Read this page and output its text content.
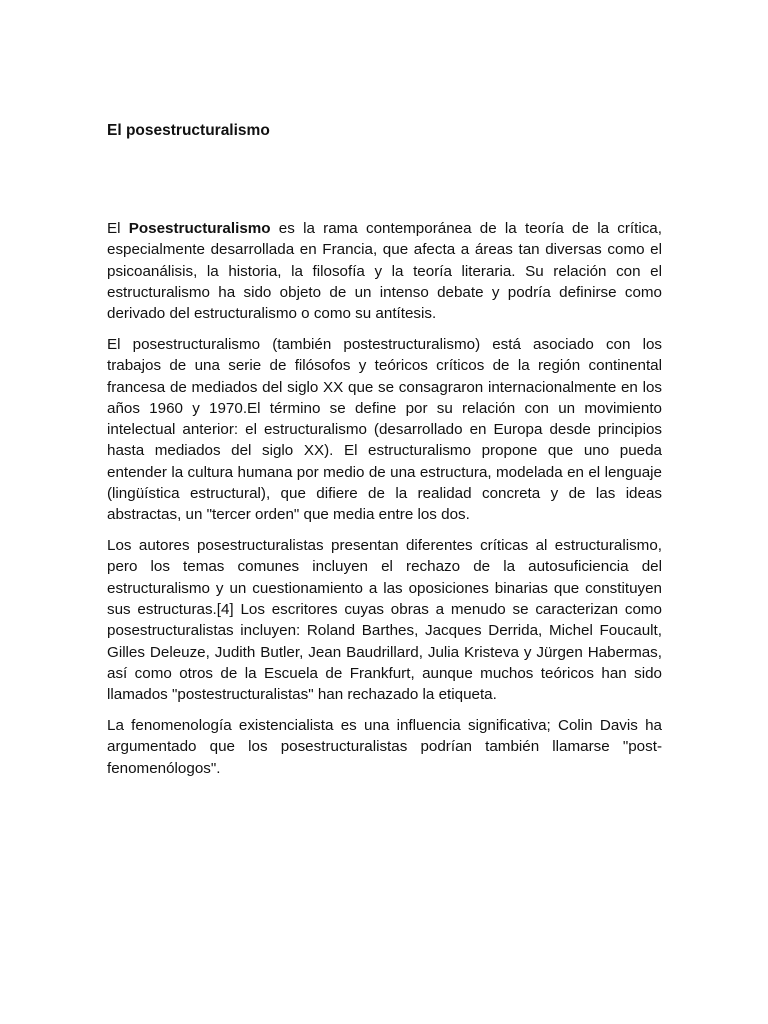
El posestructuralismo

El Posestructuralismo es la rama contemporánea de la teoría de la crítica, especialmente desarrollada en Francia, que afecta a áreas tan diversas como el psicoanálisis, la historia, la filosofía y la teoría literaria. Su relación con el estructuralismo ha sido objeto de un intenso debate y podría definirse como derivado del estructuralismo o como su antítesis.

El posestructuralismo (también postestructuralismo) está asociado con los trabajos de una serie de filósofos y teóricos críticos de la región continental francesa de mediados del siglo XX que se consagraron internacionalmente en los años 1960 y 1970.El término se define por su relación con un movimiento intelectual anterior: el estructuralismo (desarrollado en Europa desde principios hasta mediados del siglo XX). El estructuralismo propone que uno pueda entender la cultura humana por medio de una estructura, modelada en el lenguaje (lingüística estructural), que difiere de la realidad concreta y de las ideas abstractas, un "tercer orden" que media entre los dos.

Los autores posestructuralistas presentan diferentes críticas al estructuralismo, pero los temas comunes incluyen el rechazo de la autosuficiencia del estructuralismo y un cuestionamiento a las oposiciones binarias que constituyen sus estructuras.[4] Los escritores cuyas obras a menudo se caracterizan como posestructuralistas incluyen: Roland Barthes, Jacques Derrida, Michel Foucault, Gilles Deleuze, Judith Butler, Jean Baudrillard, Julia Kristeva y Jürgen Habermas, así como otros de la Escuela de Frankfurt, aunque muchos teóricos han sido llamados "postestructuralistas" han rechazado la etiqueta.

La fenomenología existencialista es una influencia significativa; Colin Davis ha argumentado que los posestructuralistas podrían también llamarse "post-fenomenólogos".
